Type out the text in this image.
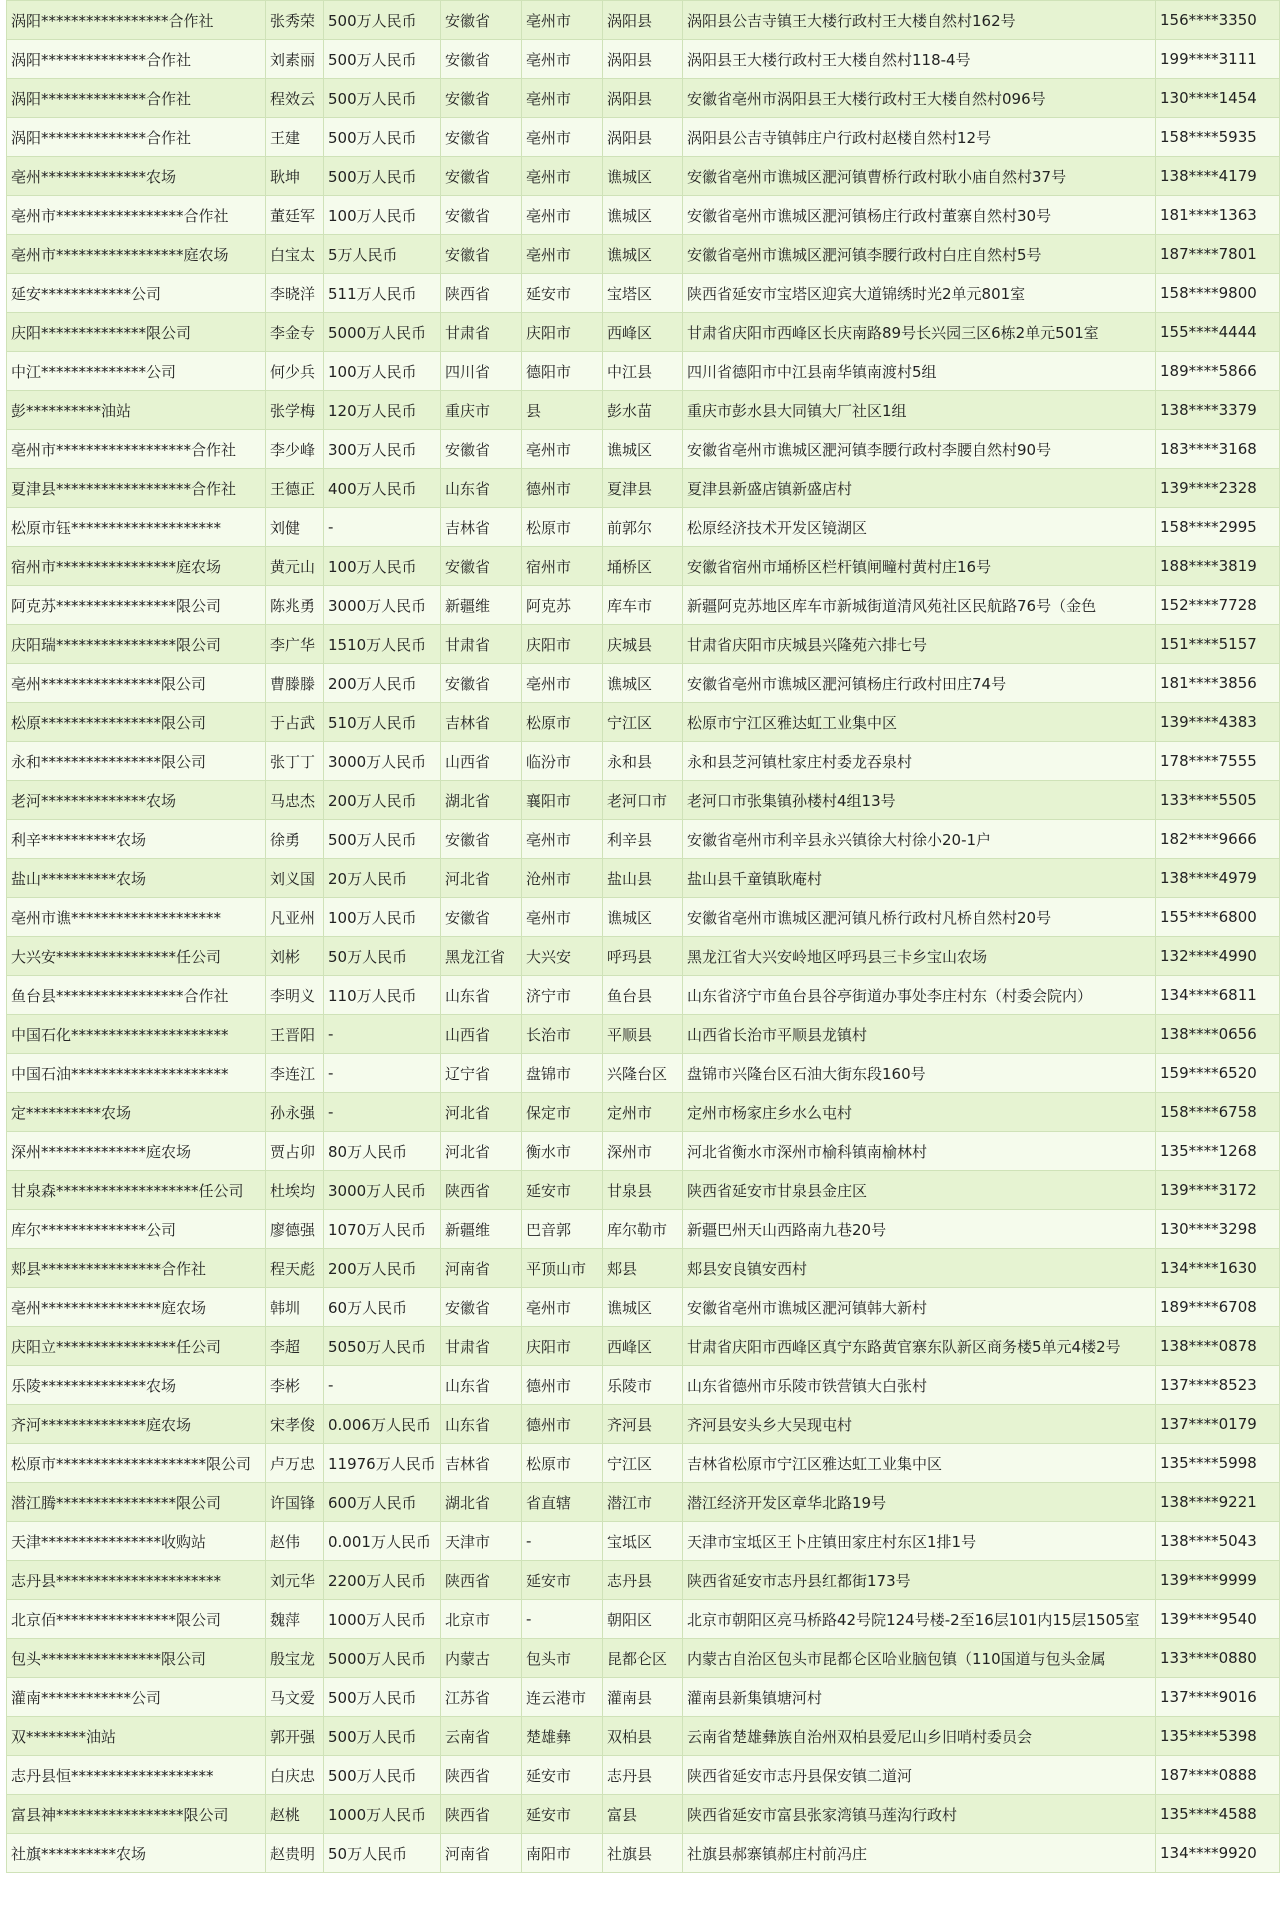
涡阳*****************合作社	张秀荣	500万人民币	安徽省	亳州市	涡阳县	涡阳县公吉寺镇王大楼行政村王大楼自然村162号	156****3350
涡阳**************合作社	刘素丽	500万人民币	安徽省	亳州市	涡阳县	涡阳县王大楼行政村王大楼自然村118-4号	199****3111
涡阳**************合作社	程效云	500万人民币	安徽省	亳州市	涡阳县	安徽省亳州市涡阳县王大楼行政村王大楼自然村096号	130****1454
涡阳**************合作社	王建	500万人民币	安徽省	亳州市	涡阳县	涡阳县公吉寺镇韩庄户行政村赵楼自然村12号	158****5935
亳州**************农场	耿坤	500万人民币	安徽省	亳州市	谯城区	安徽省亳州市谯城区淝河镇曹桥行政村耿小庙自然村37号	138****4179
亳州市*****************合作社	董廷军	100万人民币	安徽省	亳州市	谯城区	安徽省亳州市谯城区淝河镇杨庄行政村董寨自然村30号	181****1363
亳州市*****************庭农场	白宝太	5万人民币	安徽省	亳州市	谯城区	安徽省亳州市谯城区淝河镇李腰行政村白庄自然村5号	187****7801
延安************公司	李晓洋	511万人民币	陕西省	延安市	宝塔区	陕西省延安市宝塔区迎宾大道锦绣时光2单元801室	158****9800
庆阳**************限公司	李金专	5000万人民币	甘肃省	庆阳市	西峰区	甘肃省庆阳市西峰区长庆南路89号长兴园三区6栋2单元501室	155****4444
中江**************公司	何少兵	100万人民币	四川省	德阳市	中江县	四川省德阳市中江县南华镇南渡村5组	189****5866
彭**********油站	张学梅	120万人民币	重庆市	县	彭水苗	重庆市彭水县大同镇大厂社区1组	138****3379
亳州市******************合作社	李少峰	300万人民币	安徽省	亳州市	谯城区	安徽省亳州市谯城区淝河镇李腰行政村李腰自然村90号	183****3168
夏津县******************合作社	王德正	400万人民币	山东省	德州市	夏津县	夏津县新盛店镇新盛店村	139****2328
松原市钰********************	刘健	-	吉林省	松原市	前郭尔	松原经济技术开发区镜湖区	158****2995
宿州市****************庭农场	黄元山	100万人民币	安徽省	宿州市	埇桥区	安徽省宿州市埇桥区栏杆镇闸疃村黄村庄16号	188****3819
阿克苏****************限公司	陈兆勇	3000万人民币	新疆维	阿克苏	库车市	新疆阿克苏地区库车市新城街道清风苑社区民航路76号（金色	152****7728
庆阳瑞****************限公司	李广华	1510万人民币	甘肃省	庆阳市	庆城县	甘肃省庆阳市庆城县兴隆苑六排七号	151****5157
亳州****************限公司	曹滕滕	200万人民币	安徽省	亳州市	谯城区	安徽省亳州市谯城区淝河镇杨庄行政村田庄74号	181****3856
松原****************限公司	于占武	510万人民币	吉林省	松原市	宁江区	松原市宁江区雅达虹工业集中区	139****4383
永和****************限公司	张丁丁	3000万人民币	山西省	临汾市	永和县	永和县芝河镇杜家庄村委龙吞泉村	178****7555
老河**************农场	马忠杰	200万人民币	湖北省	襄阳市	老河口市	老河口市张集镇孙楼村4组13号	133****5505
利辛**********农场	徐勇	500万人民币	安徽省	亳州市	利辛县	安徽省亳州市利辛县永兴镇徐大村徐小20-1户	182****9666
盐山**********农场	刘义国	20万人民币	河北省	沧州市	盐山县	盐山县千童镇耿庵村	138****4979
亳州市谯********************	凡亚州	100万人民币	安徽省	亳州市	谯城区	安徽省亳州市谯城区淝河镇凡桥行政村凡桥自然村20号	155****6800
大兴安****************任公司	刘彬	50万人民币	黑龙江省	大兴安	呼玛县	黑龙江省大兴安岭地区呼玛县三卡乡宝山农场	132****4990
鱼台县*****************合作社	李明义	110万人民币	山东省	济宁市	鱼台县	山东省济宁市鱼台县谷亭街道办事处李庄村东（村委会院内）	134****6811
中国石化*********************	王晋阳	-	山西省	长治市	平顺县	山西省长治市平顺县龙镇村	138****0656
中国石油*********************	李连江	-	辽宁省	盘锦市	兴隆台区	盘锦市兴隆台区石油大街东段160号	159****6520
定**********农场	孙永强	-	河北省	保定市	定州市	定州市杨家庄乡水么屯村	158****6758
深州**************庭农场	贾占卯	80万人民币	河北省	衡水市	深州市	河北省衡水市深州市榆科镇南榆林村	135****1268
甘泉森*******************任公司	杜埃均	3000万人民币	陕西省	延安市	甘泉县	陕西省延安市甘泉县金庄区	139****3172
库尔**************公司	廖德强	1070万人民币	新疆维	巴音郭	库尔勒市	新疆巴州天山西路南九巷20号	130****3298
郏县****************合作社	程天彪	200万人民币	河南省	平顶山市	郏县	郏县安良镇安西村	134****1630
亳州****************庭农场	韩圳	60万人民币	安徽省	亳州市	谯城区	安徽省亳州市谯城区淝河镇韩大新村	189****6708
庆阳立****************任公司	李超	5050万人民币	甘肃省	庆阳市	西峰区	甘肃省庆阳市西峰区真宁东路黄官寨东队新区商务楼5单元4楼2号	138****0878
乐陵**************农场	李彬	-	山东省	德州市	乐陵市	山东省德州市乐陵市铁营镇大白张村	137****8523
齐河**************庭农场	宋孝俊	0.006万人民币	山东省	德州市	齐河县	齐河县安头乡大吴现屯村	137****0179
松原市********************限公司	卢万忠	11976万人民币	吉林省	松原市	宁江区	吉林省松原市宁江区雅达虹工业集中区	135****5998
潜江腾****************限公司	许国锋	600万人民币	湖北省	省直辖	潜江市	潜江经济开发区章华北路19号	138****9221
天津****************收购站	赵伟	0.001万人民币	天津市	-	宝坻区	天津市宝坻区王卜庄镇田家庄村东区1排1号	138****5043
志丹县**********************	刘元华	2200万人民币	陕西省	延安市	志丹县	陕西省延安市志丹县红都街173号	139****9999
北京佰****************限公司	魏萍	1000万人民币	北京市	-	朝阳区	北京市朝阳区亮马桥路42号院124号楼-2至16层101内15层1505室	139****9540
包头****************限公司	殷宝龙	5000万人民币	内蒙古	包头市	昆都仑区	内蒙古自治区包头市昆都仑区哈业脑包镇（110国道与包头金属	133****0880
灌南************公司	马文爱	500万人民币	江苏省	连云港市	灌南县	灌南县新集镇塘河村	137****9016
双********油站	郭开强	500万人民币	云南省	楚雄彝	双柏县	云南省楚雄彝族自治州双柏县爱尼山乡旧哨村委员会	135****5398
志丹县恒*******************	白庆忠	500万人民币	陕西省	延安市	志丹县	陕西省延安市志丹县保安镇二道河	187****0888
富县神*****************限公司	赵桃	1000万人民币	陕西省	延安市	富县	陕西省延安市富县张家湾镇马莲沟行政村	135****4588
社旗**********农场	赵贵明	50万人民币	河南省	南阳市	社旗县	社旗县郝寨镇郝庄村前冯庄	134****9920
